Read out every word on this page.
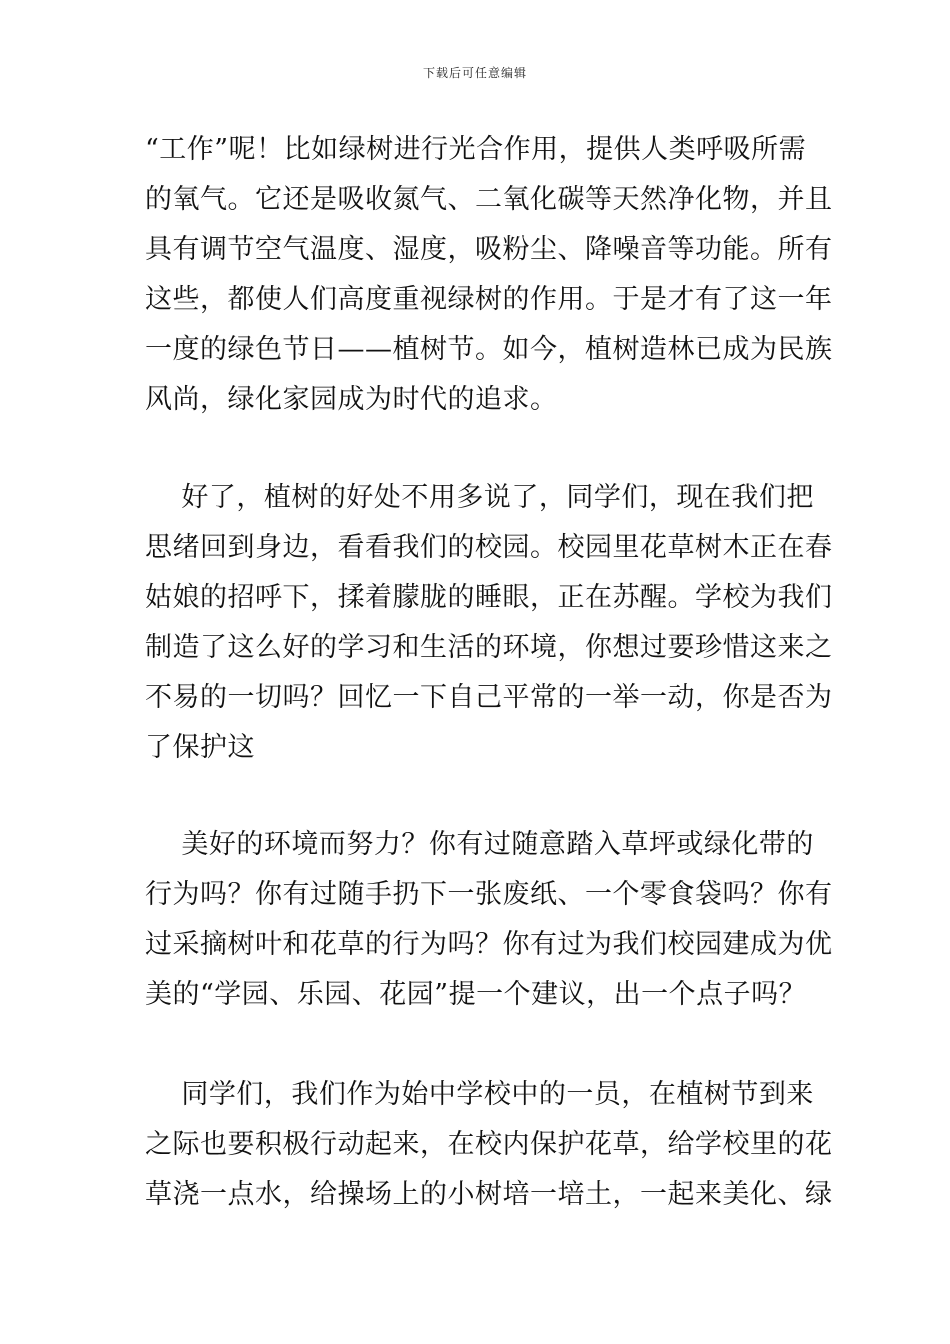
下载后可任意编辑
“工作”呢！比如绿树进行光合作用，提供人类呼吸所需
的氧气。它还是吸收氮气、二氧化碳等天然净化物，并且
具有调节空气温度、湿度，吸粉尘、降噪音等功能。所有
这些，都使人们高度重视绿树的作用。于是才有了这一年
一度的绿色节日——植树节。如今，植树造林已成为民族
风尚，绿化家园成为时代的追求。
好了，植树的好处不用多说了，同学们，现在我们把
思绪回到身边，看看我们的校园。校园里花草树木正在春
姑娘的招呼下，揉着朦胧的睡眼，正在苏醒。学校为我们
制造了这么好的学习和生活的环境，你想过要珍惜这来之
不易的一切吗？回忆一下自己平常的一举一动，你是否为
了保护这
美好的环境而努力？你有过随意踏入草坪或绿化带的
行为吗？你有过随手扔下一张废纸、一个零食袋吗？你有
过采摘树叶和花草的行为吗？你有过为我们校园建成为优
美的“学园、乐园、花园”提一个建议，出一个点子吗？
同学们，我们作为始中学校中的一员，在植树节到来
之际也要积极行动起来，在校内保护花草，给学校里的花
草浇一点水，给操场上的小树培一培土，一起来美化、绿
